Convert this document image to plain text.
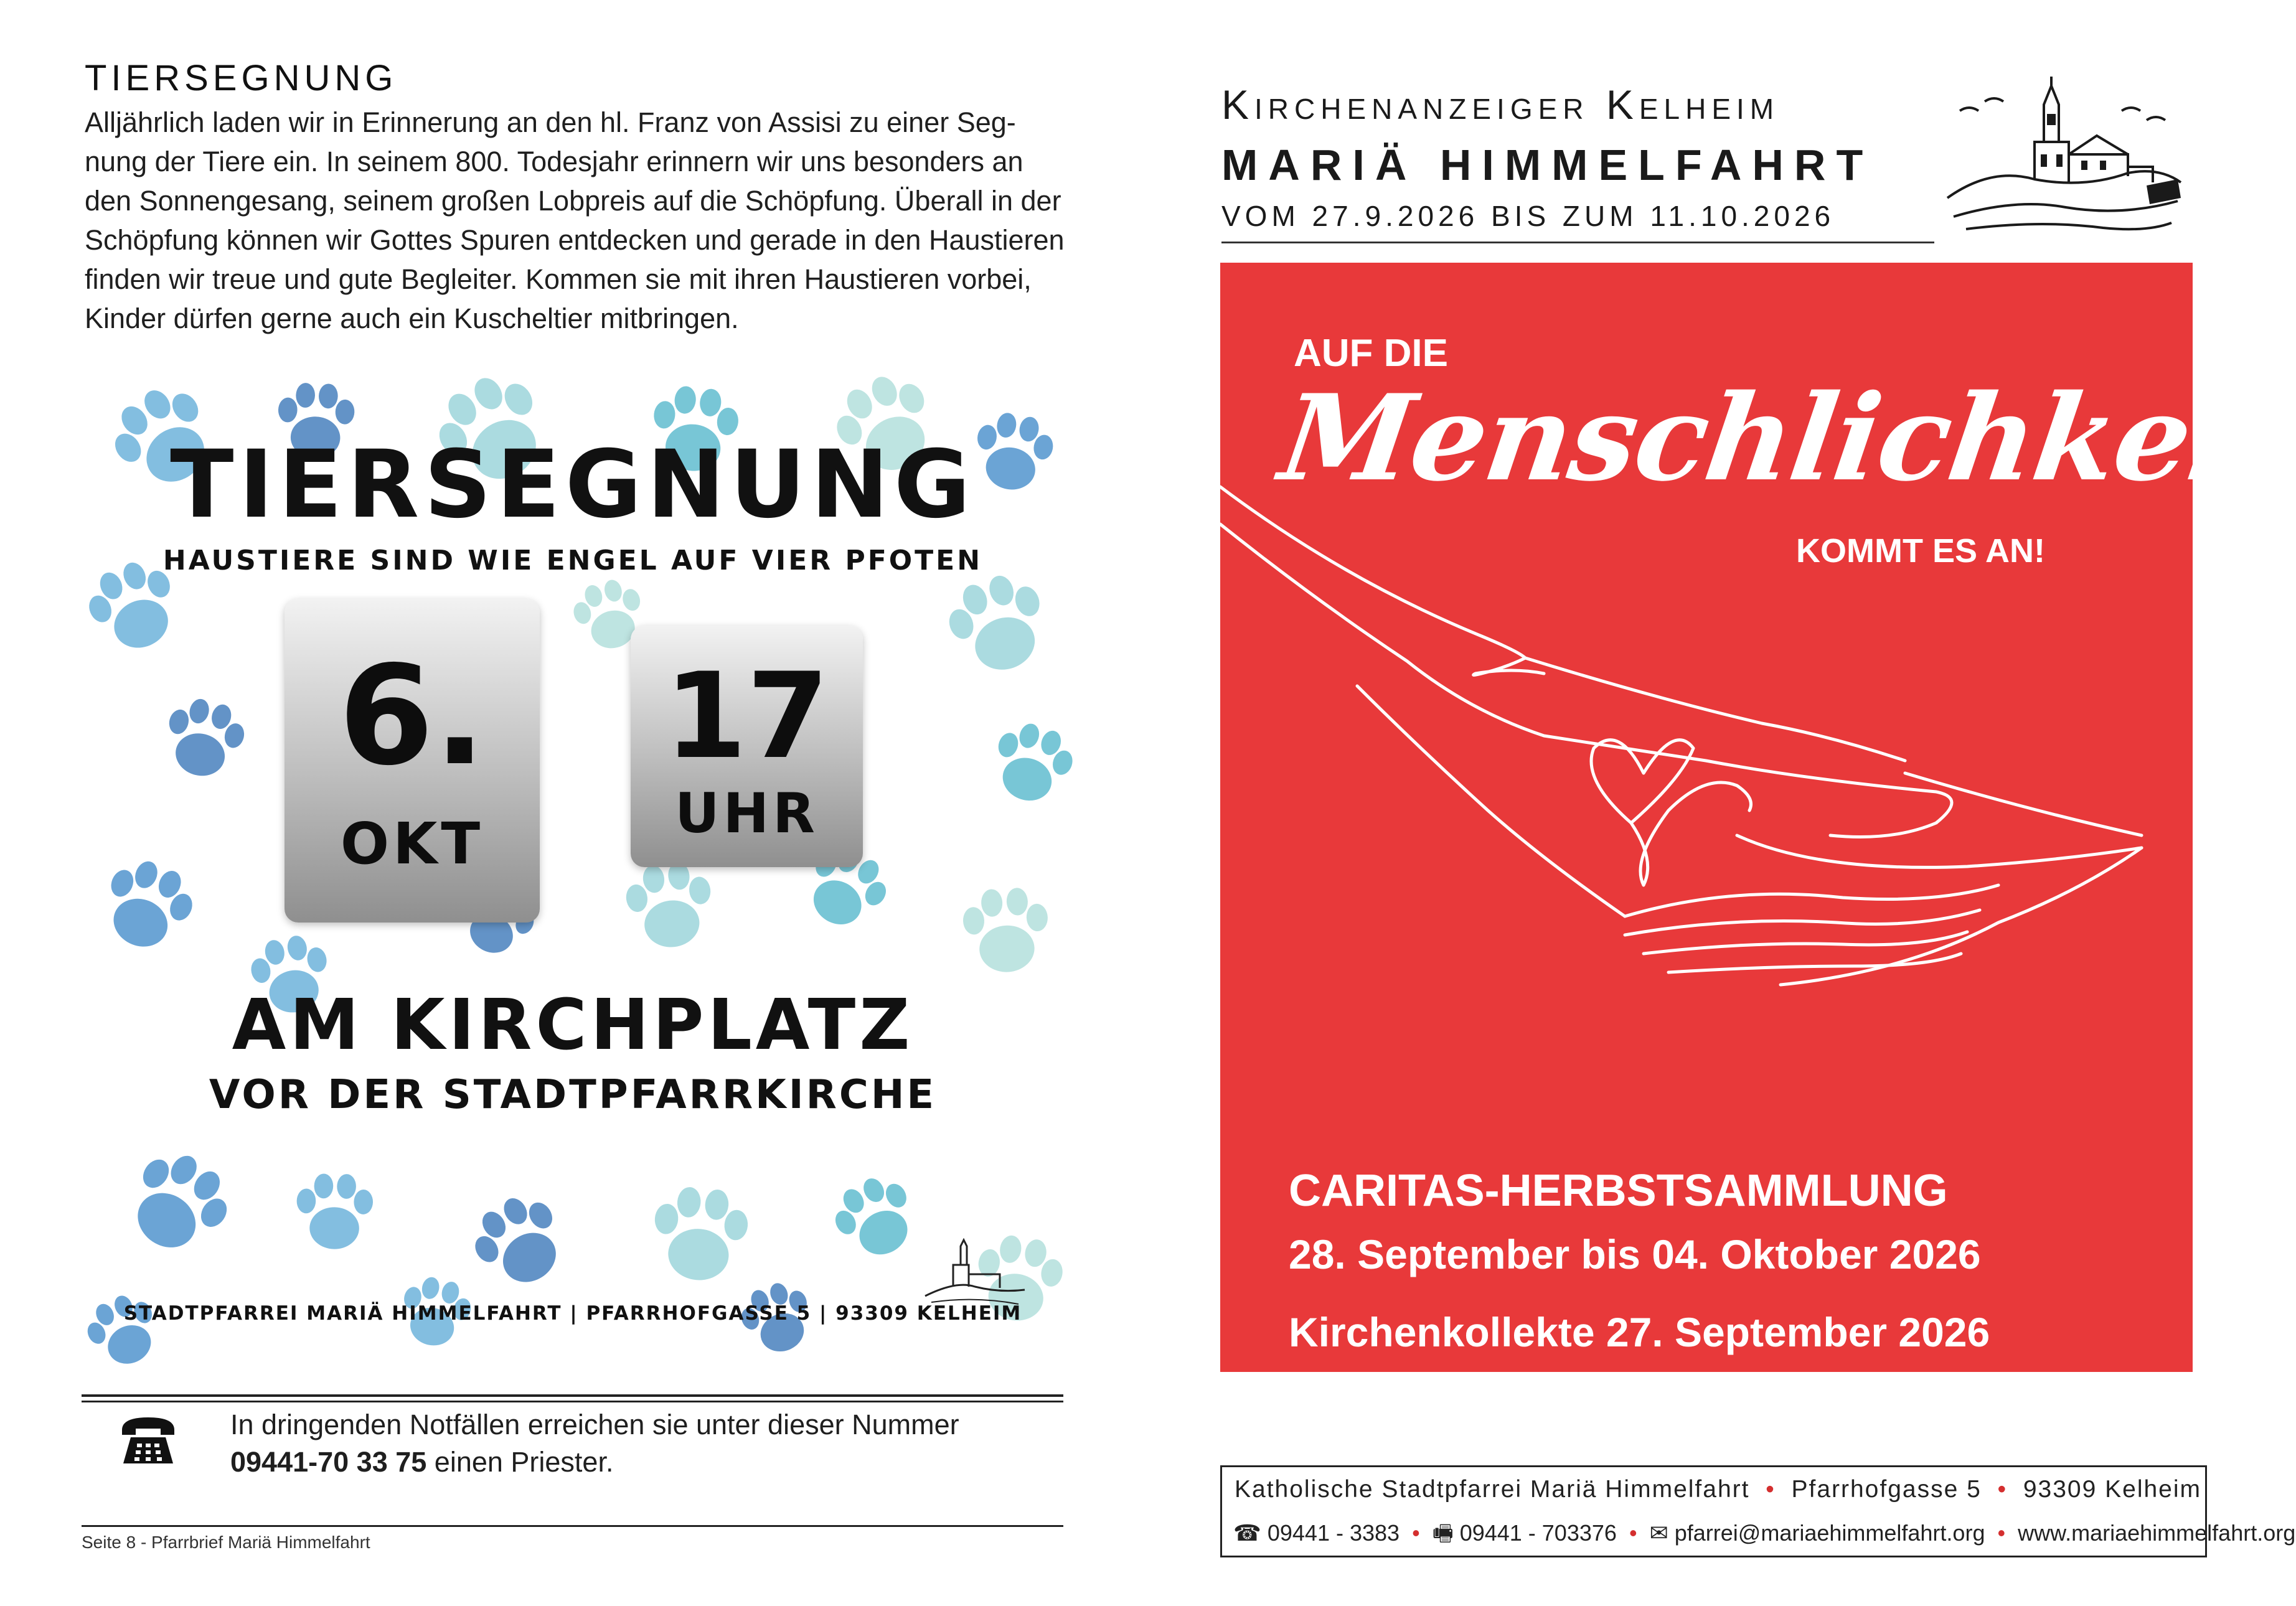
TIERSEGNUNG
Alljährlich laden wir in Erinnerung an den hl. Franz von Assisi zu einer Seg-
nung der Tiere ein. In seinem 800. Todesjahr erinnern wir uns besonders an
den Sonnengesang, seinem großen Lobpreis auf die Schöpfung. Überall in der
Schöpfung können wir Gottes Spuren entdecken und gerade in den Haustieren
finden wir treue und gute Begleiter. Kommen sie mit ihren Haustieren vorbei,
Kinder dürfen gerne auch ein Kuscheltier mitbringen.
TIERSEGNUNG
HAUSTIERE SIND WIE ENGEL AUF VIER PFOTEN
6.
OKT
17
UHR
AM KIRCHPLATZ
VOR DER STADTPFARRKIRCHE
STADTPFARREI MARIÄ HIMMELFAHRT | PFARRHOFGASSE 5 | 93309 KELHEIM
In dringenden Notfällen erreichen sie unter dieser Nummer
09441-70 33 75 einen Priester.
Seite 8 - Pfarrbrief Mariä Himmelfahrt
Kirchenanzeiger Kelheim
MARIÄ HIMMELFAHRT
VOM 27.9.2026 BIS ZUM 11.10.2026
AUF DIE
Menschlichkeit
KOMMT ES AN!
CARITAS-HERBSTSAMMLUNG
28. September bis 04. Oktober 2026
Kirchenkollekte 27. September 2026
Katholische Stadtpfarrei Mariä Himmelfahrt  •  Pfarrhofgasse 5  •  93309 Kelheim
☎ 09441 - 3383  •  🖷 09441 - 703376  •  ✉ pfarrei@mariaehimmelfahrt.org  •  www.mariaehimmelfahrt.org
